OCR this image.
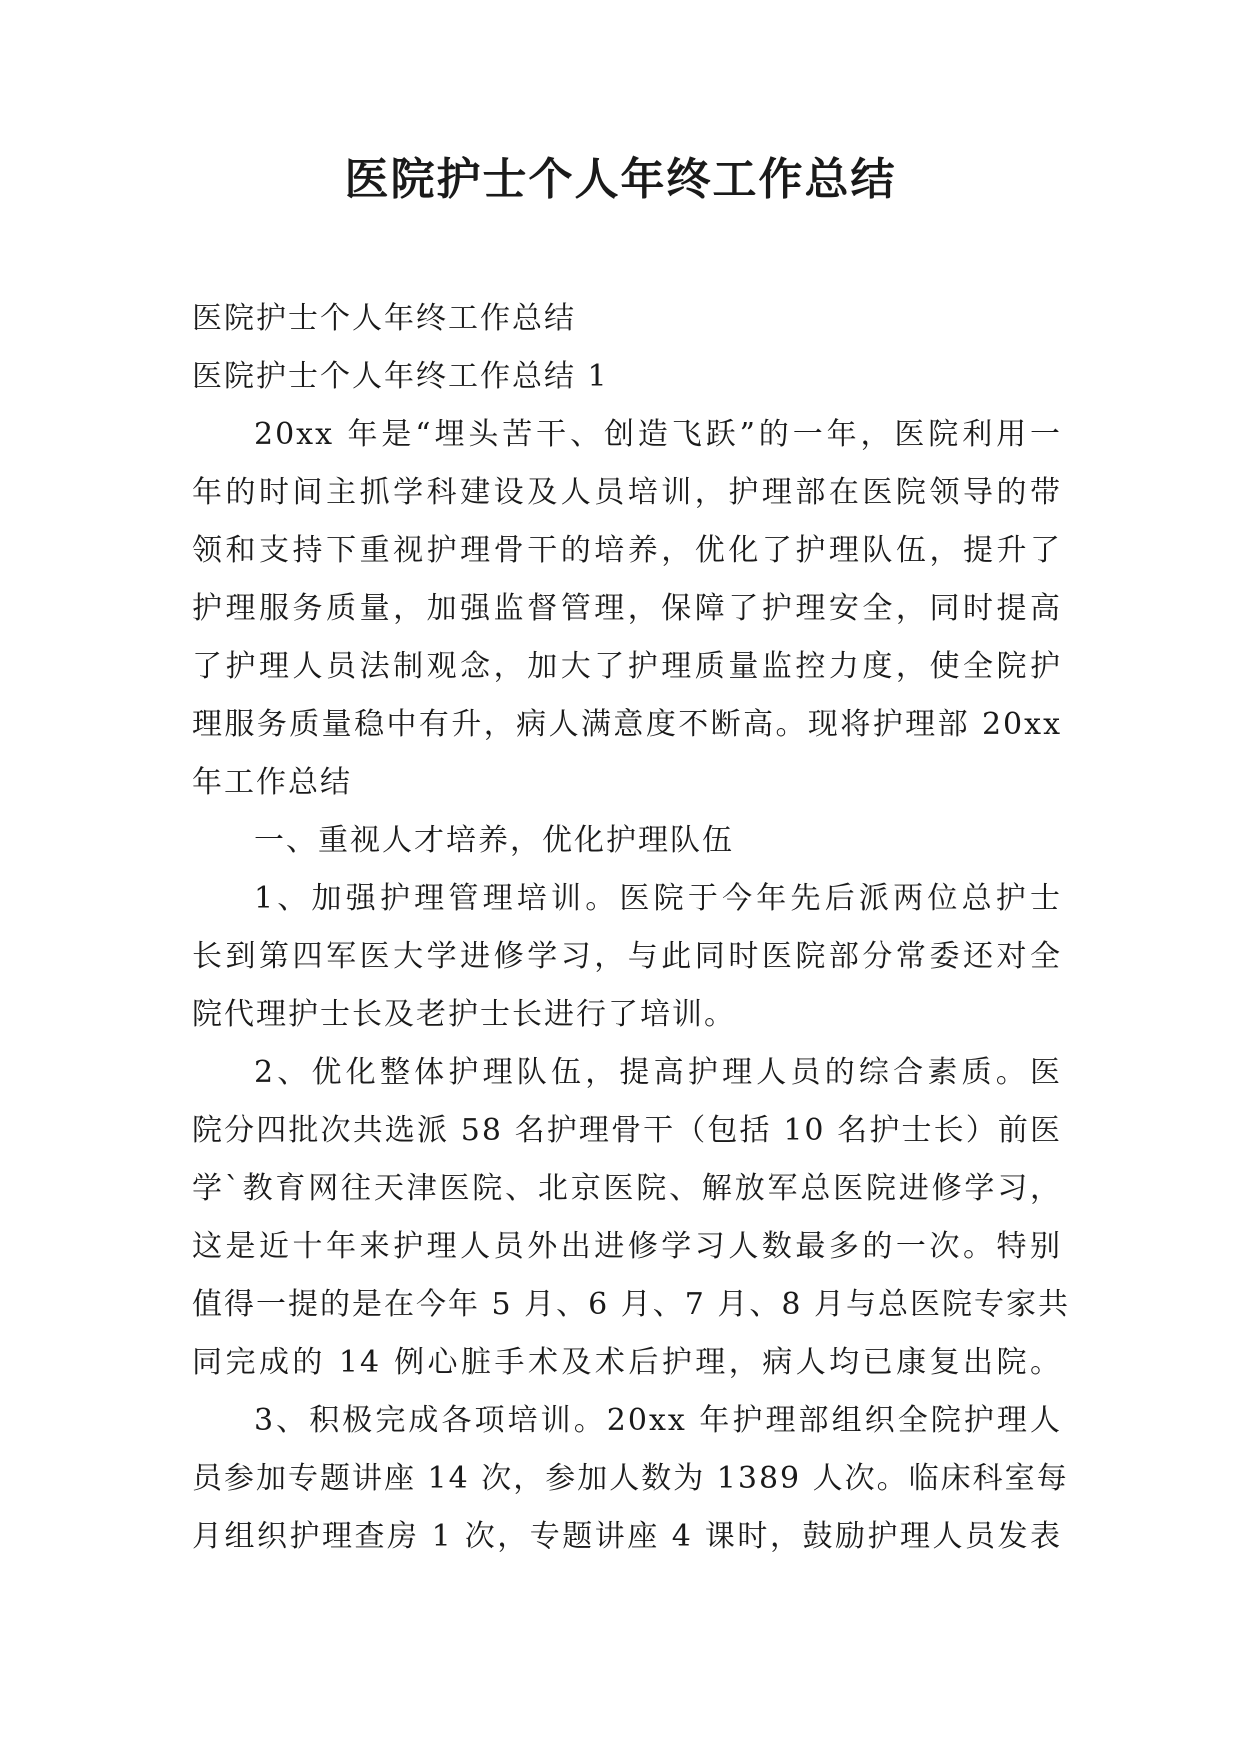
医院护士个人年终工作总结

医院护士个人年终工作总结

医院护士个人年终工作总结 1

20xx 年是“埋头苦干、创造飞跃”的一年，医院利用一

年的时间主抓学科建设及人员培训，护理部在医院领导的带

领和支持下重视护理骨干的培养，优化了护理队伍，提升了

护理服务质量，加强监督管理，保障了护理安全，同时提高

了护理人员法制观念，加大了护理质量监控力度，使全院护

理服务质量稳中有升，病人满意度不断高。现将护理部 20xx

年工作总结

一、重视人才培养，优化护理队伍

1、加强护理管理培训。医院于今年先后派两位总护士

长到第四军医大学进修学习，与此同时医院部分常委还对全

院代理护士长及老护士长进行了培训。

2、优化整体护理队伍，提高护理人员的综合素质。医

院分四批次共选派 58 名护理骨干（包括 10 名护士长）前医

学`教育网往天津医院、北京医院、解放军总医院进修学习，

这是近十年来护理人员外出进修学习人数最多的一次。特别

值得一提的是在今年 5 月、6 月、7 月、8 月与总医院专家共

同完成的 14 例心脏手术及术后护理，病人均已康复出院。

3、积极完成各项培训。20xx 年护理部组织全院护理人

员参加专题讲座 14 次，参加人数为 1389 人次。临床科室每

月组织护理查房 1 次，专题讲座 4 课时，鼓励护理人员发表
